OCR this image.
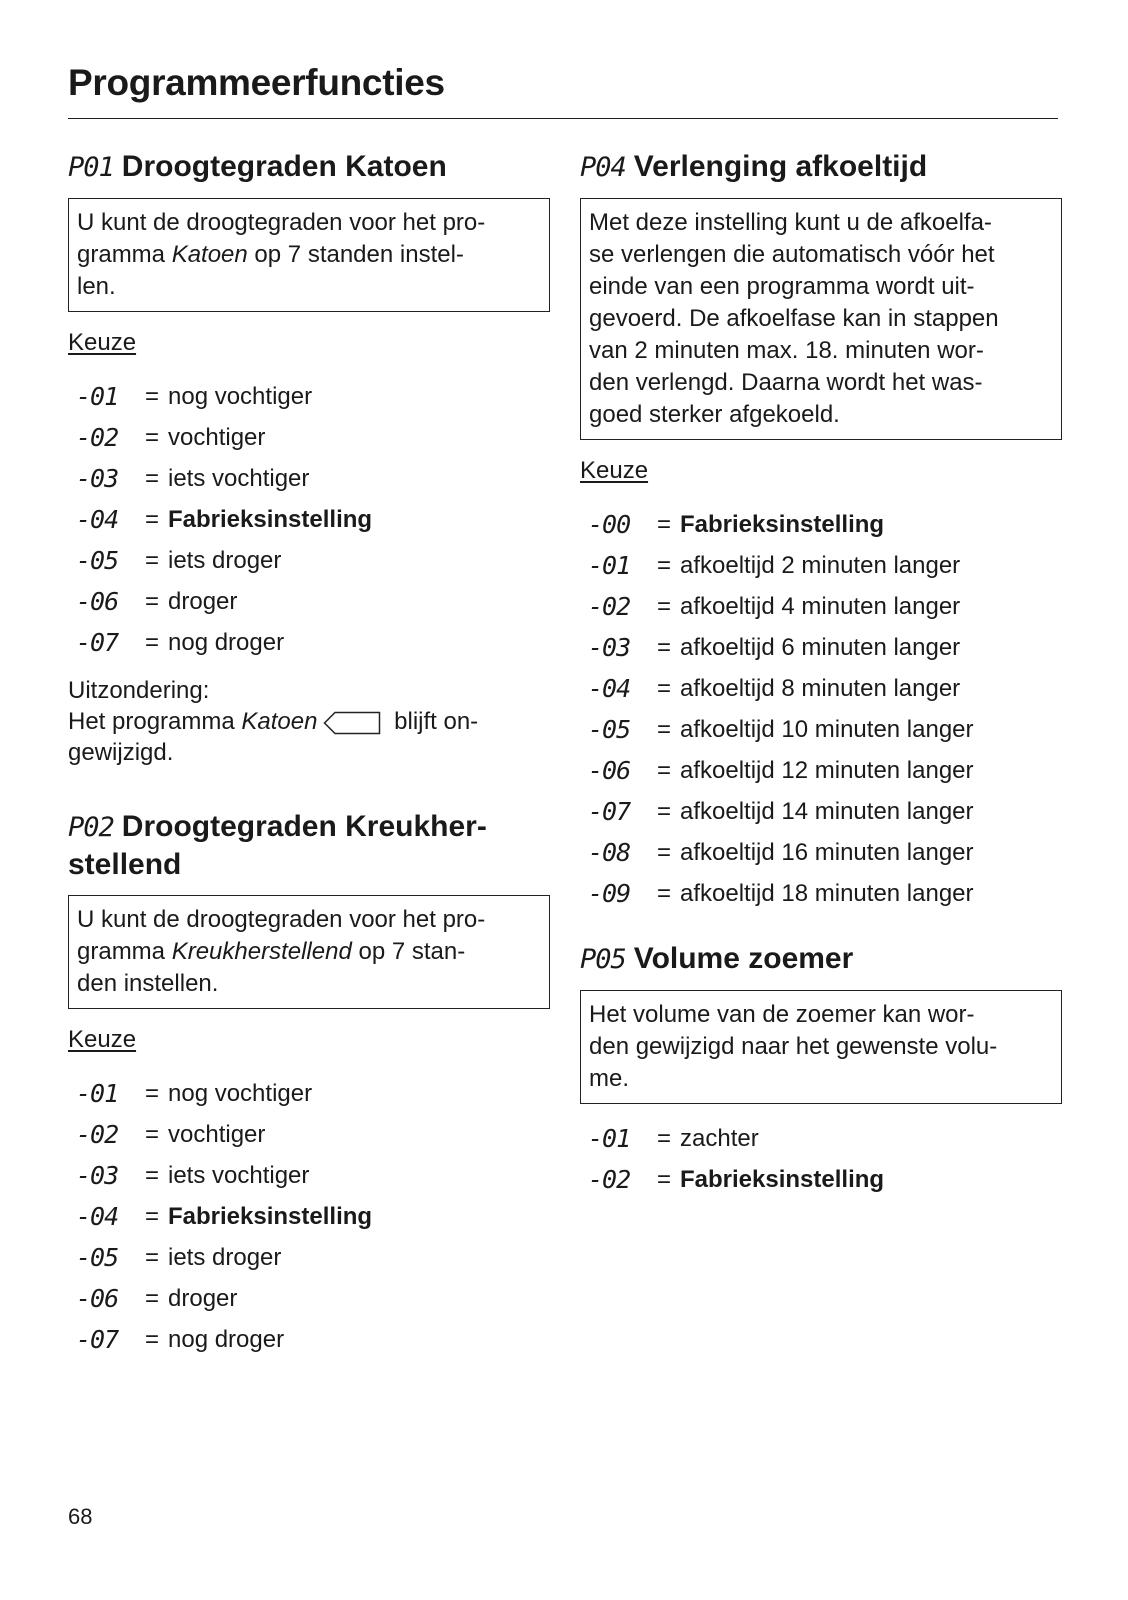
Programmeerfuncties
P01 Droogtegraden Katoen
U kunt de droogtegraden voor het pro-
gramma Katoen op 7 standen instel-
len.
Keuze
-01	= nog vochtiger
-02	= vochtiger
-03	= iets vochtiger
-04	= Fabrieksinstelling
-05	= iets droger
-06	= droger
-07	= nog droger
Uitzondering:
Het programma Katoen	blijft on-
gewijzigd.
P02 Droogtegraden Kreukher-
stellend
U kunt de droogtegraden voor het pro-
gramma Kreukherstellend op 7 stan-
den instellen.
Keuze
-01	= nog vochtiger
-02	= vochtiger
-03	= iets vochtiger
-04	= Fabrieksinstelling
-05	= iets droger
-06	= droger
-07	= nog droger
P04 Verlenging afkoeltijd
Met deze instelling kunt u de afkoelfa-
se verlengen die automatisch vóór het
einde van een programma wordt uit-
gevoerd. De afkoelfase kan in stappen
van 2 minuten max. 18. minuten wor-
den verlengd. Daarna wordt het was-
goed sterker afgekoeld.
Keuze
-00	= Fabrieksinstelling
-01	= afkoeltijd 2 minuten langer
-02	= afkoeltijd 4 minuten langer
-03	= afkoeltijd 6 minuten langer
-04	= afkoeltijd 8 minuten langer
-05	= afkoeltijd 10 minuten langer
-06	= afkoeltijd 12 minuten langer
-07	= afkoeltijd 14 minuten langer
-08	= afkoeltijd 16 minuten langer
-09	= afkoeltijd 18 minuten langer
P05 Volume zoemer
Het volume van de zoemer kan wor-
den gewijzigd naar het gewenste volu-
me.
-01	= zachter
-02	= Fabrieksinstelling
68
